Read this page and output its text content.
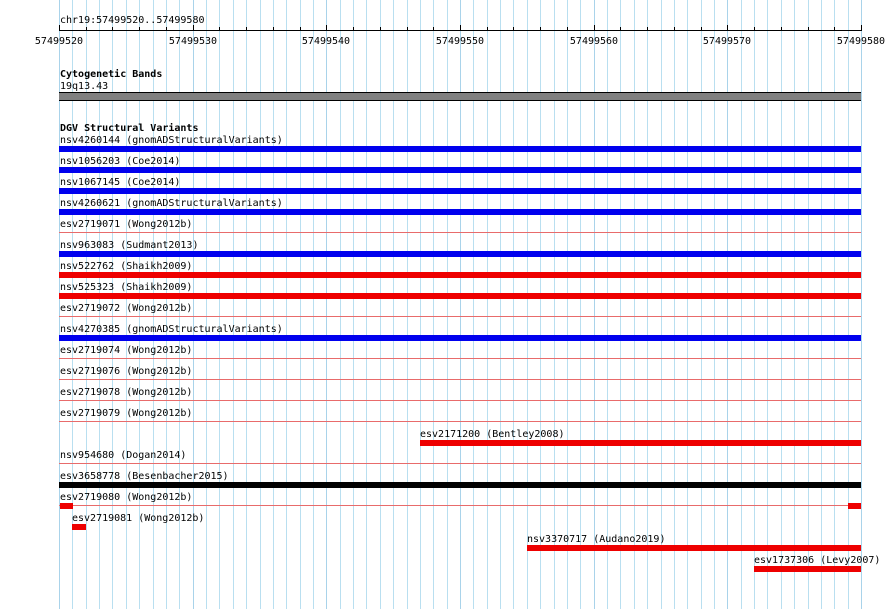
chr19:57499520..57499580
57499520	57499530	57499540	57499550	57499560	57499570	57499580
Cytogenetic Bands
19q13.43
DGV Structural Variants
nsv4260144 (gnomADStructuralVariants)
nsv1056203 (Coe2014)
nsv1067145 (Coe2014)
nsv4260621 (gnomADStructuralVariants)
esv2719071 (Wong2012b)
nsv963083 (Sudmant2013)
nsv522762 (Shaikh2009)
nsv525323 (Shaikh2009)
esv2719072 (Wong2012b)
nsv4270385 (gnomADStructuralVariants)
esv2719074 (Wong2012b)
esv2719076 (Wong2012b)
esv2719078 (Wong2012b)
esv2719079 (Wong2012b)
esv2171200 (Bentley2008)
nsv954680 (Dogan2014)
esv3658778 (Besenbacher2015)
esv2719080 (Wong2012b)
esv2719081 (Wong2012b)
nsv3370717 (Audano2019)
esv1737306 (Levy2007)
